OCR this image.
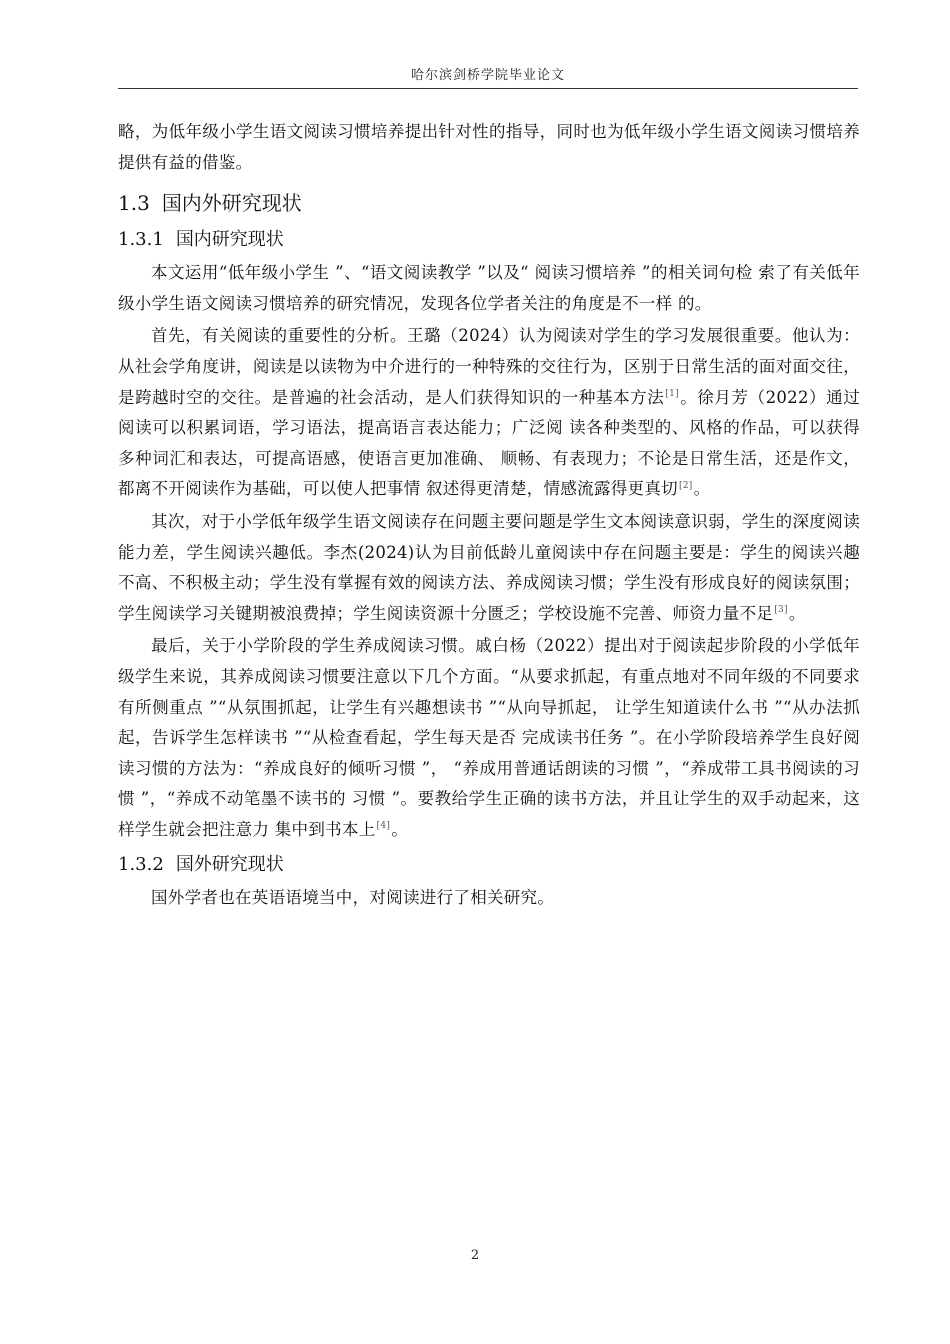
哈尔滨剑桥学院毕业论文

略，为低年级小学生语文阅读习惯培养提出针对性的指导，同时也为低年级小学生语文阅读习惯培养提供有益的借鉴。

1.3 国内外研究现状
1.3.1 国内研究现状

本文运用“低年级小学生 ”、“语文阅读教学 ”以及“ 阅读习惯培养 ”的相关词句检 索了有关低年级小学生语文阅读习惯培养的研究情况，发现各位学者关注的角度是不一样 的。

首先，有关阅读的重要性的分析。王璐（2024）认为阅读对学生的学习发展很重要。他认为：从社会学角度讲，阅读是以读物为中介进行的一种特殊的交往行为，区别于日常生活的面对面交往，是跨越时空的交往。是普遍的社会活动，是人们获得知识的一种基本方法[1]。徐月芳（2022）通过阅读可以积累词语，学习语法，提高语言表达能力；广泛阅 读各种类型的、风格的作品，可以获得多种词汇和表达，可提高语感，使语言更加准确、 顺畅、有表现力；不论是日常生活，还是作文，都离不开阅读作为基础，可以使人把事情 叙述得更清楚，情感流露得更真切[2]。

其次，对于小学低年级学生语文阅读存在问题主要问题是学生文本阅读意识弱，学生的深度阅读能力差，学生阅读兴趣低。李杰(2024)认为目前低龄儿童阅读中存在问题主要是：学生的阅读兴趣不高、不积极主动；学生没有掌握有效的阅读方法、养成阅读习惯；学生没有形成良好的阅读氛围；学生阅读学习关键期被浪费掉；学生阅读资源十分匮乏；学校设施不完善、师资力量不足[3]。

最后，关于小学阶段的学生养成阅读习惯。戚白杨（2022）提出对于阅读起步阶段的小学低年级学生来说，其养成阅读习惯要注意以下几个方面。“从要求抓起，有重点地对不同年级的不同要求有所侧重点 ”“从氛围抓起，让学生有兴趣想读书 ”“从向导抓起， 让学生知道读什么书 ”“从办法抓起，告诉学生怎样读书 ”“从检查看起，学生每天是否 完成读书任务 ”。在小学阶段培养学生良好阅读习惯的方法为：“养成良好的倾听习惯 ”， “养成用普通话朗读的习惯 ”，“养成带工具书阅读的习惯 ”，“养成不动笔墨不读书的 习惯 ”。要教给学生正确的读书方法，并且让学生的双手动起来，这样学生就会把注意力 集中到书本上[4]。

1.3.2 国外研究现状

国外学者也在英语语境当中，对阅读进行了相关研究。

2
